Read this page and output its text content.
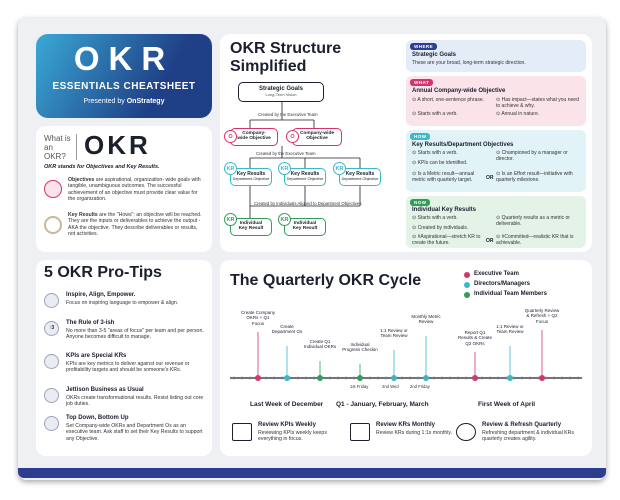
OKR
ESSENTIALS CHEATSHEET
Presented by OnStrategy
What is an OKR? OKR
OKR stands for Objectives and Key Results.
Objectives are aspirational, organization- wide goals with tangible, unambiguous outcomes. The successful achievement of an objective must provide clear value for the organization.
Key Results are the "Hows": an objective will be reached. They are the inputs or deliverables to achieve the output - AKA the objective. They describe deliverables or results, not activities.
OKR Structure Simplified
Strategic Goals
Long-Term Vision
Created by the Executive Team
Company-wide Objective
O
Company-wide Objective
O
Created by the Executive Team
Key Results
Department Objective
KR
Key Results
Department Objective
KR
Key Results
Department Objective
KR
Created by Individuals Aligned to Department Objectives
Individual Key Result
KR
Individual Key Result
KR
WHERE
Strategic Goals
These are your broad, long-term strategic direction.
WHAT
Annual Company-wide Objective
⊙ A short, one-sentence phrase.	⊙ Has impact—states what you need to achieve & why.
⊙ Starts with a verb.	⊙ Annual in nature.
HOW
Key Results/Department Objectives
⊙ Starts with a verb.	⊙ Championed by a manager or director.
⊙ KPIs can be identified.
⊙ Is a Metric result—annual metric with quarterly target.	OR
⊙ Is an Effort result—initiative with quarterly milestone.
NOW
Individual Key Results
⊙ Starts with a verb.	⊙ Quarterly results as a metric or deliverable.
⊙ Created by individuals.
⊙ #Aspirational—stretch KR to create the future.	OR
⊙ #Committed—realistic KR that is achievable.
5 OKR Pro-Tips
Inspire, Align, Empower.
Focus on inspiring language to empower & align.
↑3
The Rule of 3-ish
No more than 3-5 "areas of focus" per team and per person. Anyone becomes difficult to manage.
KPIs are Special KRs
KPIs are key metrics to deliver against our revenue or profitability targets and should be someone's KRs.
Jettison Business as Usual
OKRs create transformational results. Resist listing out core job duties.
Top Down, Bottom Up
Set Company-wide OKRs and Department Os as an executive team. Ask staff to set their Key Results to support any Objective.
The Quarterly OKR Cycle	Executive Team
Directors/Managers
Individual Team Members
Create Company OKRs + Q1 Focus
Create Department Os
Create Q1 Individual OKRs	Individual Progress Checkin
1:1 Review or Team Review
Monthly Metric Review
Report Q1 Results & Create Q2 OKRs
1:1 Review or Team Review
Quarterly Review & Refresh + Q2 Focus
1st Friday	2nd Wed	2nd Friday
Last Week of December Q1 - January, February, March	First Week of April
Review KPIs Weekly
Reviewing KPIs weekly keeps everything in focus.
Review KRs Monthly
Review KRs during 1:1s monthly.
Review & Refresh Quarterly
Refreshing department & individual KRs quarterly creates agility.
